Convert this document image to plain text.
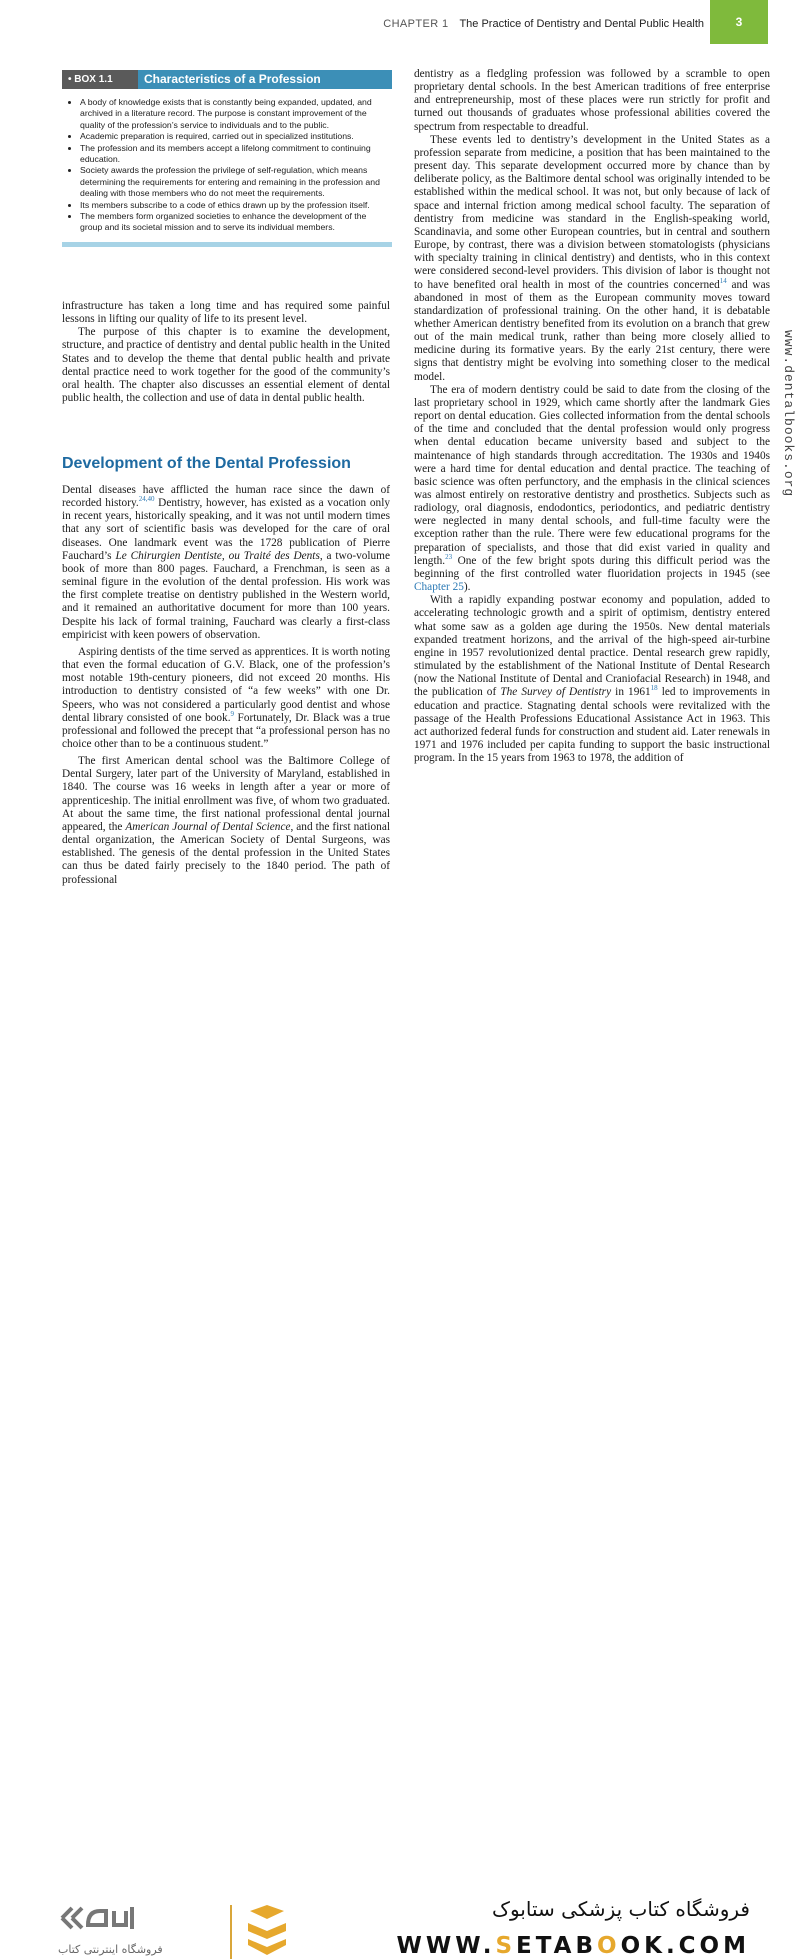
CHAPTER 1 The Practice of Dentistry and Dental Public Health	3
• BOX 1.1	Characteristics of a Profession
• A body of knowledge exists that is constantly being expanded, updated, and archived in a literature record. The purpose is constant improvement of the quality of the profession’s service to individuals and to the public.
• Academic preparation is required, carried out in specialized institutions.
• The profession and its members accept a lifelong commitment to continuing education.
• Society awards the profession the privilege of self-regulation, which means determining the requirements for entering and remaining in the profession and dealing with those members who do not meet the requirements.
• Its members subscribe to a code of ethics drawn up by the profession itself.
• The members form organized societies to enhance the development of the group and its societal mission and to serve its individual members.

infrastructure has taken a long time and has required some painful lessons in lifting our quality of life to its present level.

The purpose of this chapter is to examine the development, structure, and practice of dentistry and dental public health in the United States and to develop the theme that dental public health and private dental practice need to work together for the good of the community’s oral health. The chapter also discusses an essential element of dental public health, the collection and use of data in dental public health.

Development of the Dental Profession

Dental diseases have afflicted the human race since the dawn of recorded history.$^{24,40}$ Dentistry, however, has existed as a vocation only in recent years, historically speaking, and it was not until modern times that any sort of scientific basis was developed for the care of oral diseases. One landmark event was the 1728 publication of Pierre Fauchard’s Le Chirurgien Dentiste, ou Traité des Dents, a two-volume book of more than 800 pages. Fauchard, a Frenchman, is seen as a seminal figure in the evolution of the dental profession. His work was the first complete treatise on dentistry published in the Western world, and it remained an authoritative document for more than 100 years. Despite his lack of formal training, Fauchard was clearly a first-class empiricist with keen powers of observation.

Aspiring dentists of the time served as apprentices. It is worth noting that even the formal education of G.V. Black, one of the profession’s most notable 19th-century pioneers, did not exceed 20 months. His introduction to dentistry consisted of “a few weeks” with one Dr. Speers, who was not considered a particularly good dentist and whose dental library consisted of one book.$^9$ Fortunately, Dr. Black was a true professional and followed the precept that “a professional person has no choice other than to be a continuous student.”

The first American dental school was the Baltimore College of Dental Surgery, later part of the University of Maryland, established in 1840. The course was 16 weeks in length after a year or more of apprenticeship. The initial enrollment was five, of whom two graduated. At about the same time, the first national professional dental journal appeared, the American Journal of Dental Science, and the first national dental organization, the American Society of Dental Surgeons, was established. The genesis of the dental profession in the United States can thus be dated fairly precisely to the 1840 period. The path of professional

dentistry as a fledgling profession was followed by a scramble to open proprietary dental schools. In the best American traditions of free enterprise and entrepreneurship, most of these places were run strictly for profit and turned out thousands of graduates whose professional abilities covered the spectrum from respectable to dreadful.

These events led to dentistry’s development in the United States as a profession separate from medicine, a position that has been maintained to the present day. This separate development occurred more by chance than by deliberate policy, as the Baltimore dental school was originally intended to be established within the medical school. It was not, but only because of lack of space and internal friction among medical school faculty. The separation of dentistry from medicine was standard in the English-speaking world, Scandinavia, and some other European countries, but in central and southern Europe, by contrast, there was a division between stomatologists (physicians with specialty training in clinical dentistry) and dentists, who in this context were considered second-level providers. This division of labor is thought not to have benefited oral health in most of the countries concerned$^{14}$ and was abandoned in most of them as the European community moves toward standardization of professional training. On the other hand, it is debatable whether American dentistry benefited from its evolution on a branch that grew out of the main medical trunk, rather than being more closely allied to medicine during its formative years. By the early 21st century, there were signs that dentistry might be evolving into something closer to the medical model.

The era of modern dentistry could be said to date from the closing of the last proprietary school in 1929, which came shortly after the landmark Gies report on dental education. Gies collected information from the dental schools of the time and concluded that the dental profession would only progress when dental education became university based and subject to the maintenance of high standards through accreditation. The 1930s and 1940s were a hard time for dental education and dental practice. The teaching of basic science was often perfunctory, and the emphasis in the clinical sciences was almost entirely on restorative dentistry and prosthetics. Subjects such as radiology, oral diagnosis, endodontics, periodontics, and pediatric dentistry were neglected in many dental schools, and full-time faculty were the exception rather than the rule. There were few educational programs for the preparation of specialists, and those that did exist varied in quality and length.$^{23}$ One of the few bright spots during this difficult period was the beginning of the first controlled water fluoridation projects in 1945 (see Chapter 25).

With a rapidly expanding postwar economy and population, added to accelerating technologic growth and a spirit of optimism, dentistry entered what some saw as a golden age during the 1950s. New dental materials expanded treatment horizons, and the arrival of the high-speed air-turbine engine in 1957 revolutionized dental practice. Dental research grew rapidly, stimulated by the establishment of the National Institute of Dental Research (now the National Institute of Dental and Craniofacial Research) in 1948, and the publication of The Survey of Dentistry in 1961$^{18}$ led to improvements in education and practice. Stagnating dental schools were revitalized with the passage of the Health Professions Educational Assistance Act in 1963. This act authorized federal funds for construction and student aid. Later renewals in 1971 and 1976 included per capita funding to support the basic instructional program. In the 15 years from 1963 to 1978, the addition of

www.dentalbooks.org
فروشگاه اینترنتی کتاب
فروشگاه کتاب پزشکی ستابوک
WWW.SETABOOK.COM
